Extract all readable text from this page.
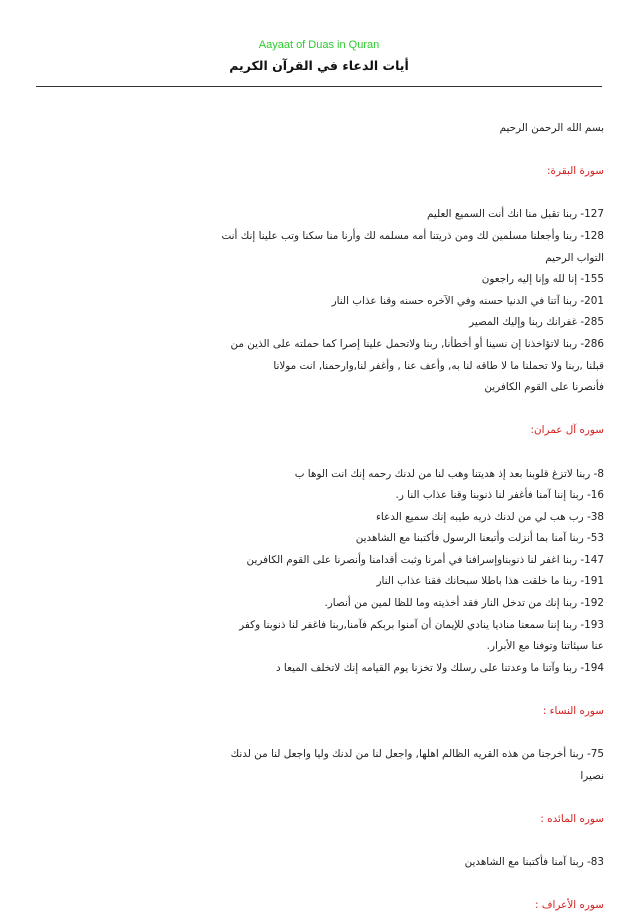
Aayaat of Duas in Quran
أيات الدعاء في القرآن الكريم

بسم الله الرحمن الرحيم

سورة البقرة:

127- ربنا تقبل منا انك أنت السميع العليم

128- ربنا وأجعلنا مسلمين لك ومن ذريتنا أمه مسلمه لك وأرنا منا سكنا وتب علينا إنك أنت

التواب الرحيم

155- إنا لله وإنا إليه راجعون

201- ربنا آتنا في الدنيا حسنه وفي الآخره حسنه وقنا عذاب النار

285- غفرانك ربنا وإليك المصير

286- ربنا لاتؤاخذنا إن نسينا أو أخطأنا, ربنا ولاتحمل علينا إصرا كما حملته على الذين من

قبلنا ,ربنا ولا تحملنا ما لا طاقه لنا به, وأعف عنا , وأغفر لنا,وارحمنا, انت مولانا

فأنصرنا على القوم الكافرين

سوره آل عمران:

8- ربنا لاتزغ قلوبنا بعد إذ هديتنا وهب لنا من لدنك رحمه إنك انت الوها ب

16- ربنا إننا آمنا فأغفر لنا ذنوبنا وقنا عذاب النا ر.

38- رب هب لي من لدنك ذريه طيبه إنك سميع الدعاء

53- ربنا آمنا بما أنزلت وأتبعنا الرسول فأكتبنا مع الشاهدين

147- ربنا اغفر لنا ذنوبناوإسرافنا في أمرنا وثبت أقدامنا وأنصرنا على القوم الكافرين

191- ربنا ما خلقت هذا باطلا سبحانك فقنا عذاب النار

192- ربنا إنك من تدخل النار فقد أخذيته وما للظا لمين من أنصار.

193- ربنا إننا سمعنا مناديا ينادي للإيمان أن آمنوا بربكم فآمنا,ربنا فاغفر لنا ذنوبنا وكفر

عنا سيئاتنا وتوفنا مع الأبرار.

194- ربنا وآتنا ما وعدتنا على رسلك ولا تخزنا يوم القيامه إنك لاتخلف الميعا د

سوره النساء :

75- ربنا أخرجنا من هذه القريه الظالم اهلها, واجعل لنا من لدنك وليا واجعل لنا من لدنك

نصيرا

سوره المائده :

83- ربنا آمنا فأكتبنا مع الشاهدين

سوره الأعراف :
